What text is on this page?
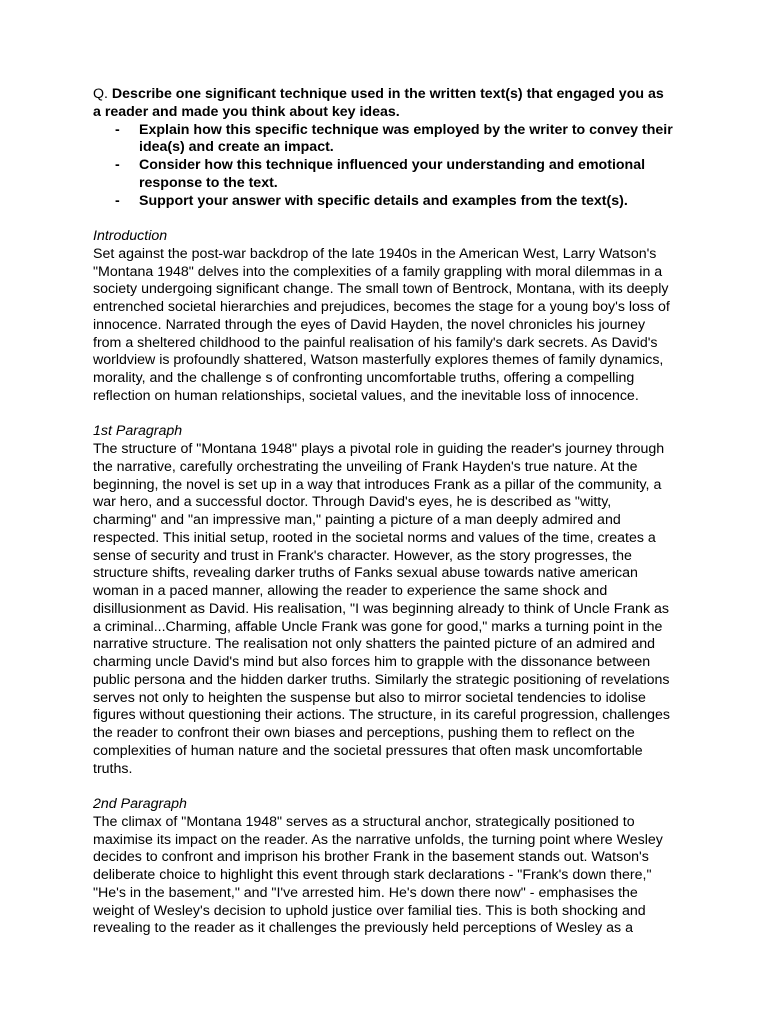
Q. Describe one significant technique used in the written text(s) that engaged you as a reader and made you think about key ideas.
- Explain how this specific technique was employed by the writer to convey their idea(s) and create an impact.
- Consider how this technique influenced your understanding and emotional response to the text.
- Support your answer with specific details and examples from the text(s).
Introduction

Set against the post-war backdrop of the late 1940s in the American West, Larry Watson's "Montana 1948" delves into the complexities of a family grappling with moral dilemmas in a society undergoing significant change. The small town of Bentrock, Montana, with its deeply entrenched societal hierarchies and prejudices, becomes the stage for a young boy's loss of innocence. Narrated through the eyes of David Hayden, the novel chronicles his journey from a sheltered childhood to the painful realisation of his family's dark secrets. As David's worldview is profoundly shattered, Watson masterfully explores themes of family dynamics, morality, and the challenge s of confronting uncomfortable truths, offering a compelling reflection on human relationships, societal values, and the inevitable loss of innocence.

1st Paragraph

The structure of "Montana 1948" plays a pivotal role in guiding the reader's journey through the narrative, carefully orchestrating the unveiling of Frank Hayden's true nature. At the beginning, the novel is set up in a way that introduces Frank as a pillar of the community, a war hero, and a successful doctor. Through David's eyes, he is described as "witty, charming" and "an impressive man," painting a picture of a man deeply admired and respected. This initial setup, rooted in the societal norms and values of the time, creates a sense of security and trust in Frank's character. However, as the story progresses, the structure shifts, revealing darker truths of Fanks sexual abuse towards native american woman in a paced manner, allowing the reader to experience the same shock and disillusionment as David. His realisation, "I was beginning already to think of Uncle Frank as a criminal...Charming, affable Uncle Frank was gone for good," marks a turning point in the narrative structure. The realisation not only shatters the painted picture of an admired and charming uncle David's mind but also forces him to grapple with the dissonance between public persona and the hidden darker truths. Similarly the strategic positioning of revelations serves not only to heighten the suspense but also to mirror societal tendencies to idolise figures without questioning their actions. The structure, in its careful progression, challenges the reader to confront their own biases and perceptions, pushing them to reflect on the complexities of human nature and the societal pressures that often mask uncomfortable truths.

2nd Paragraph

The climax of "Montana 1948" serves as a structural anchor, strategically positioned to maximise its impact on the reader. As the narrative unfolds, the turning point where Wesley decides to confront and imprison his brother Frank in the basement stands out. Watson's deliberate choice to highlight this event through stark declarations - "Frank's down there," "He's in the basement," and "I've arrested him. He's down there now" - emphasises the weight of Wesley's decision to uphold justice over familial ties. This is both shocking and revealing to the reader as it challenges the previously held perceptions of Wesley as a
